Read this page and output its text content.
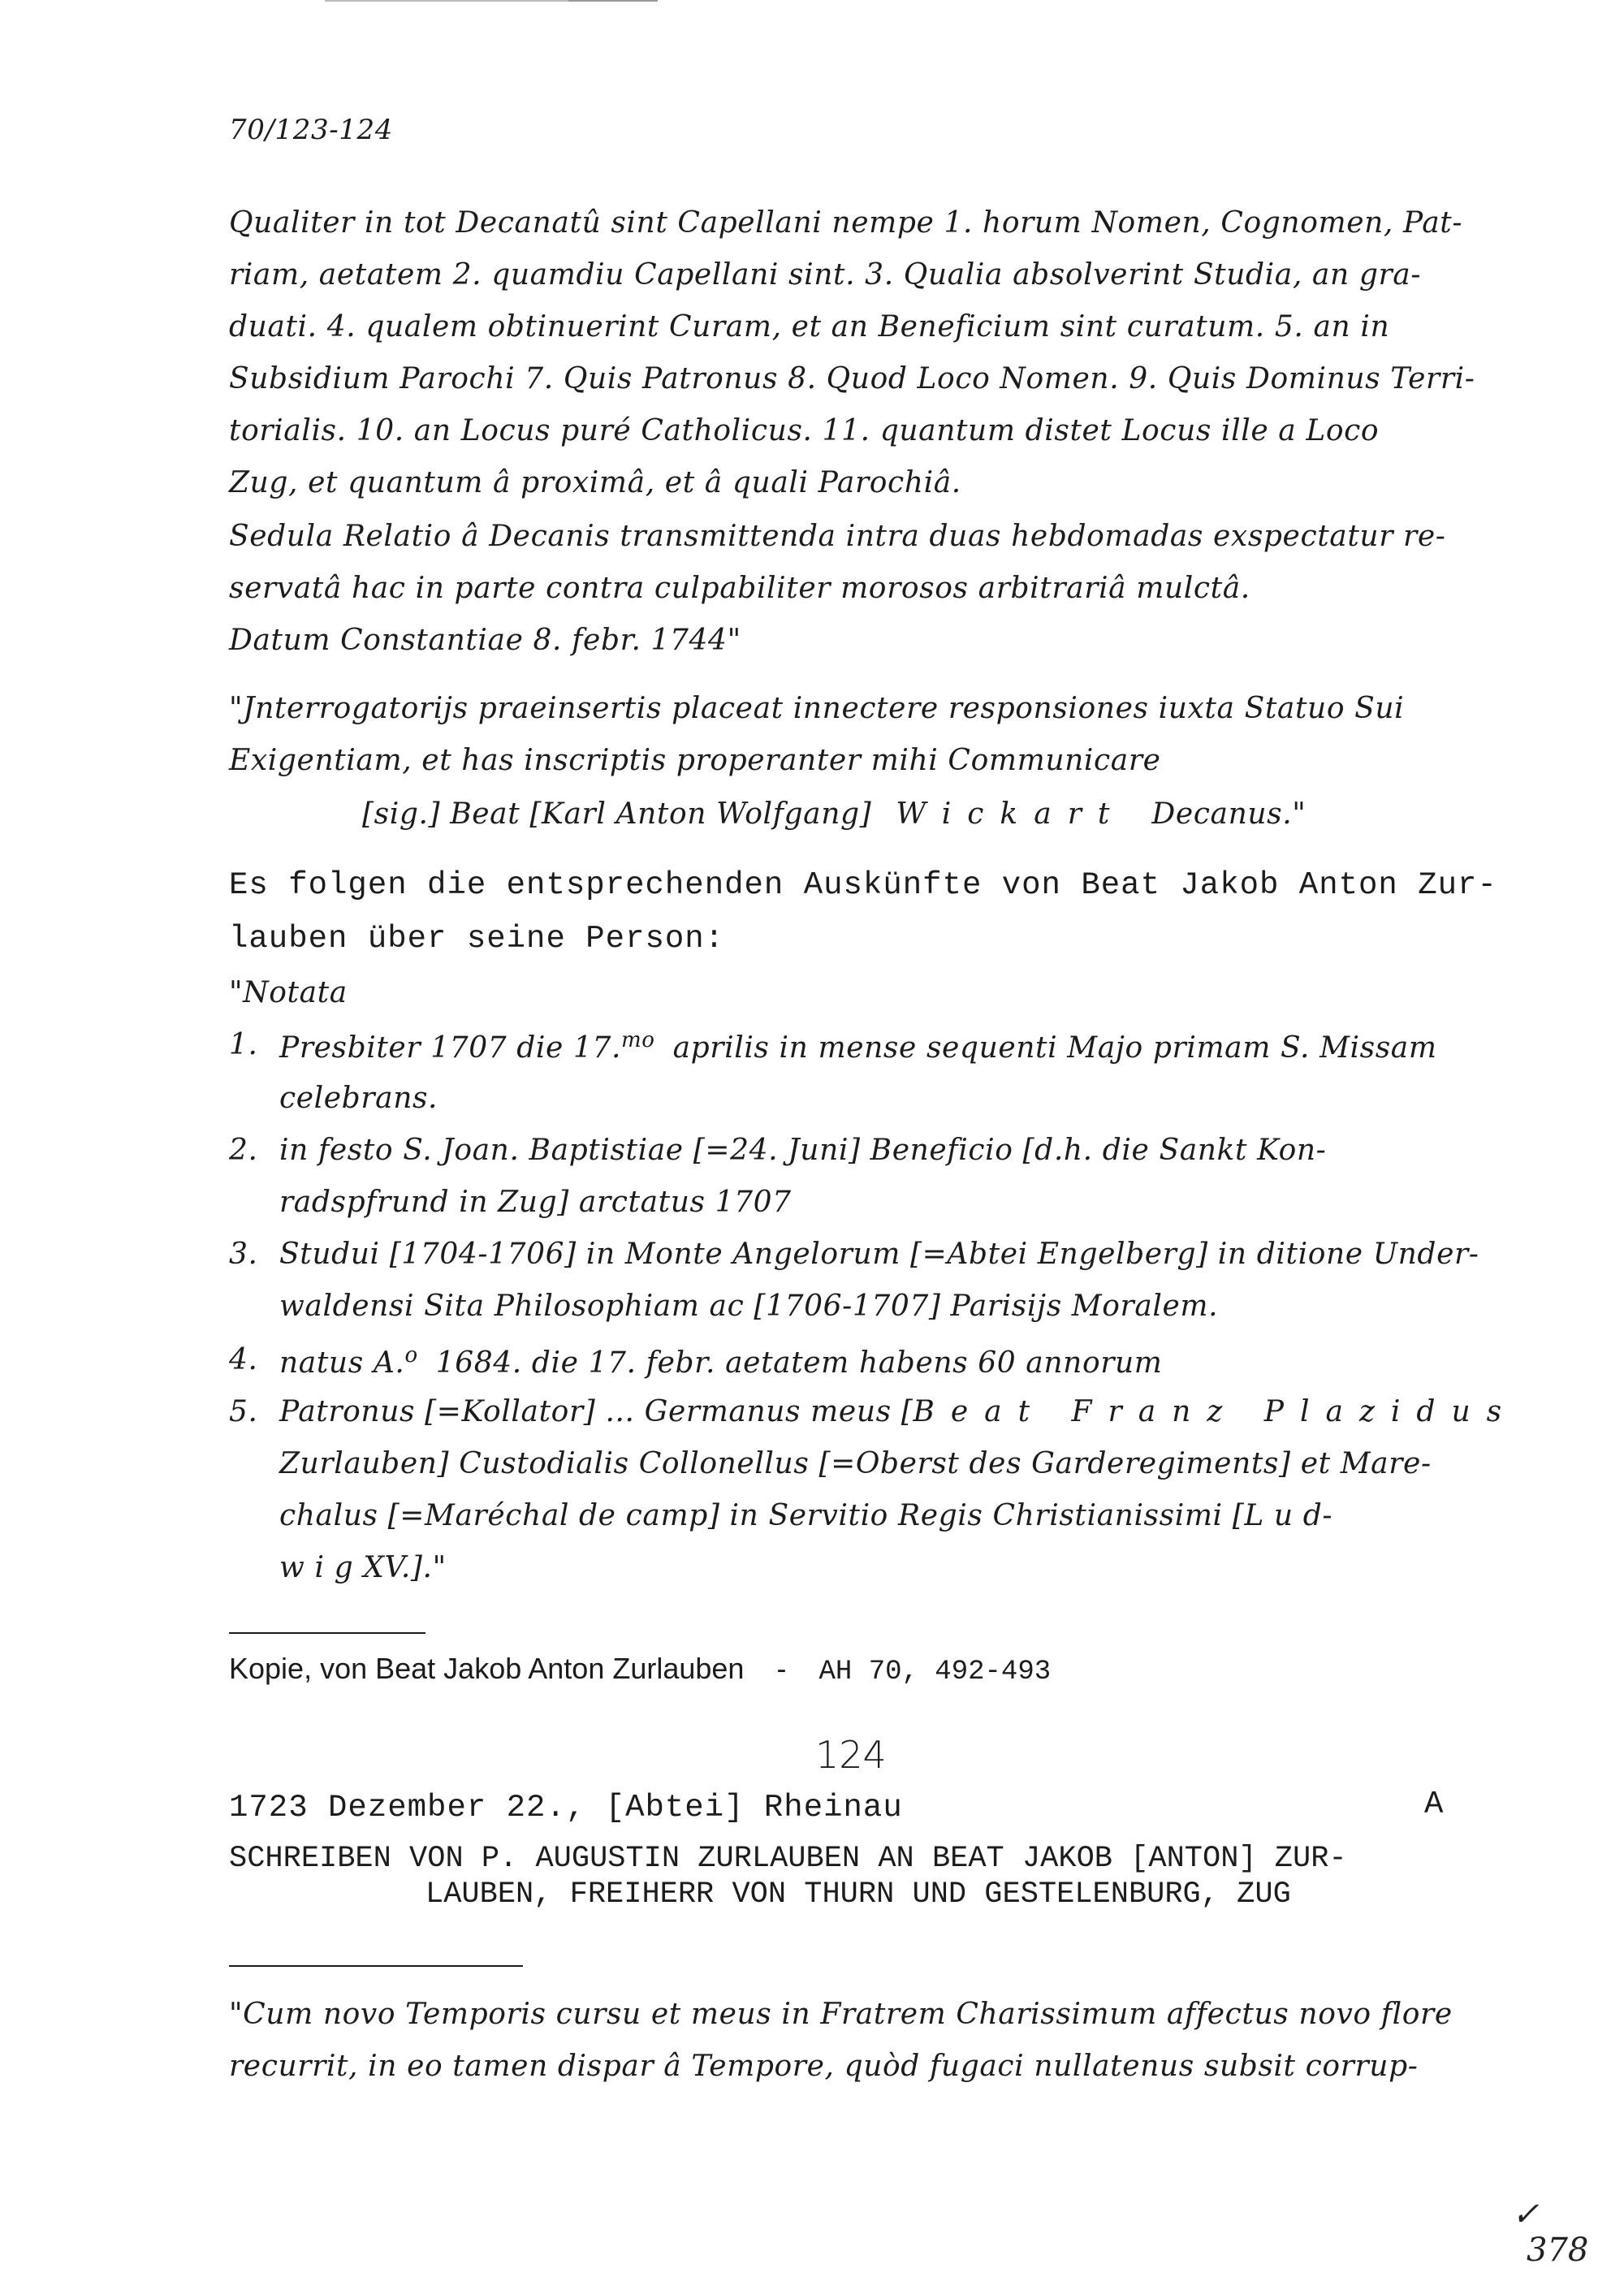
70/123-124
Qualiter in tot Decanatû sint Capellani nempe 1. horum Nomen, Cognomen, Pat-
riam, aetatem 2. quamdiu Capellani sint. 3. Qualia absolverint Studia, an gra-
duati. 4. qualem obtinuerint Curam, et an Beneficium sint curatum. 5. an in
Subsidium Parochi 7. Quis Patronus 8. Quod Loco Nomen. 9. Quis Dominus Terri-
torialis. 10. an Locus puré Catholicus. 11. quantum distet Locus ille a Loco
Zug, et quantum â proximâ, et â quali Parochiâ.
Sedula Relatio â Decanis transmittenda intra duas hebdomadas exspectatur re-
servatâ hac in parte contra culpabiliter morosos arbitrariâ mulctâ.
Datum Constantiae 8. febr. 1744"
"Jnterrogatorijs praeinsertis placeat innectere responsiones iuxta Statuo Sui
Exigentiam, et has inscriptis properanter mihi Communicare
[sig.] Beat [Karl Anton Wolfgang] Wickart Decanus."
Es folgen die entsprechenden Auskünfte von Beat Jakob Anton Zur-
lauben über seine Person:
"Notata
1. Presbiter 1707 die 17.$^{mo}$ aprilis in mense sequenti Majo primam S. Missam
celebrans.
2. in festo S. Joan. Baptistiae [=24. Juni] Beneficio [d.h. die Sankt Kon-
radspfrund in Zug] arctatus 1707
3. Studui [1704-1706] in Monte Angelorum [=Abtei Engelberg] in ditione Under-
waldensi Sita Philosophiam ac [1706-1707] Parisijs Moralem.
4. natus A.$^o$ 1684. die 17. febr. aetatem habens 60 annorum
5. Patronus [=Kollator] ... Germanus meus [Beat Franz Plazidus
Zurlauben] Custodialis Collonellus [=Oberst des Garderegiments] et Mare-
chalus [=Maréchal de camp] in Servitio Regis Christianissimi [L u d-
w i g XV.]."
Kopie, von Beat Jakob Anton Zurlauben - AH 70, 492-493
124
1723 Dezember 22., [Abtei] Rheinau	A
SCHREIBEN VON P. AUGUSTIN ZURLAUBEN AN BEAT JAKOB [ANTON] ZUR-
LAUBEN, FREIHERR VON THURN UND GESTELENBURG, ZUG
"Cum novo Temporis cursu et meus in Fratrem Charissimum affectus novo flore
recurrit, in eo tamen dispar â Tempore, quòd fugaci nullatenus subsit corrup-
✓
378
